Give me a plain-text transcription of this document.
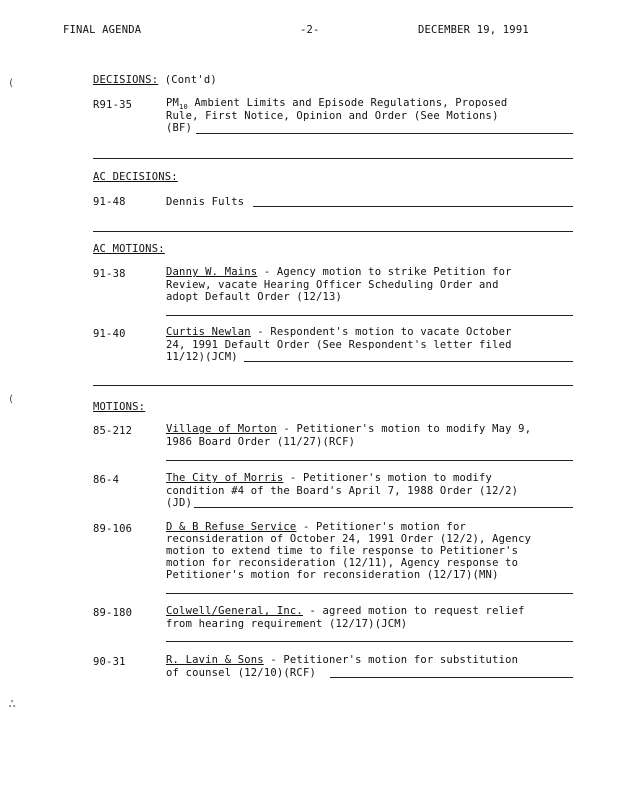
FINAL AGENDA	-2-	DECEMBER 19, 1991
(
(
DECISIONS: (Cont'd)
R91-35	$PM_{10}$ Ambient Limits and Episode Regulations, Proposed
Rule, First Notice, Opinion and Order (See Motions)
(BF)
AC DECISIONS:
91-48	Dennis Fults
AC MOTIONS:
91-38	Danny W. Mains - Agency motion to strike Petition for
Review, vacate Hearing Officer Scheduling Order and
adopt Default Order (12/13)
91-40	Curtis Newlan - Respondent's motion to vacate October
24, 1991 Default Order (See Respondent's letter filed
11/12)(JCM)
MOTIONS:
85-212	Village of Morton - Petitioner's motion to modify May 9,
1986 Board Order (11/27)(RCF)
86-4	The City of Morris - Petitioner's motion to modify
condition #4 of the Board's April 7, 1988 Order (12/2)
(JD)
89-106	D & B Refuse Service - Petitioner's motion for
reconsideration of October 24, 1991 Order (12/2), Agency
motion to extend time to file response to Petitioner's
motion for reconsideration (12/11), Agency response to
Petitioner's motion for reconsideration (12/17)(MN)
89-180	Colwell/General, Inc. - agreed motion to request relief
from hearing requirement (12/17)(JCM)
90-31	R. Lavin & Sons - Petitioner's motion for substitution
of counsel (12/10)(RCF)
∴
